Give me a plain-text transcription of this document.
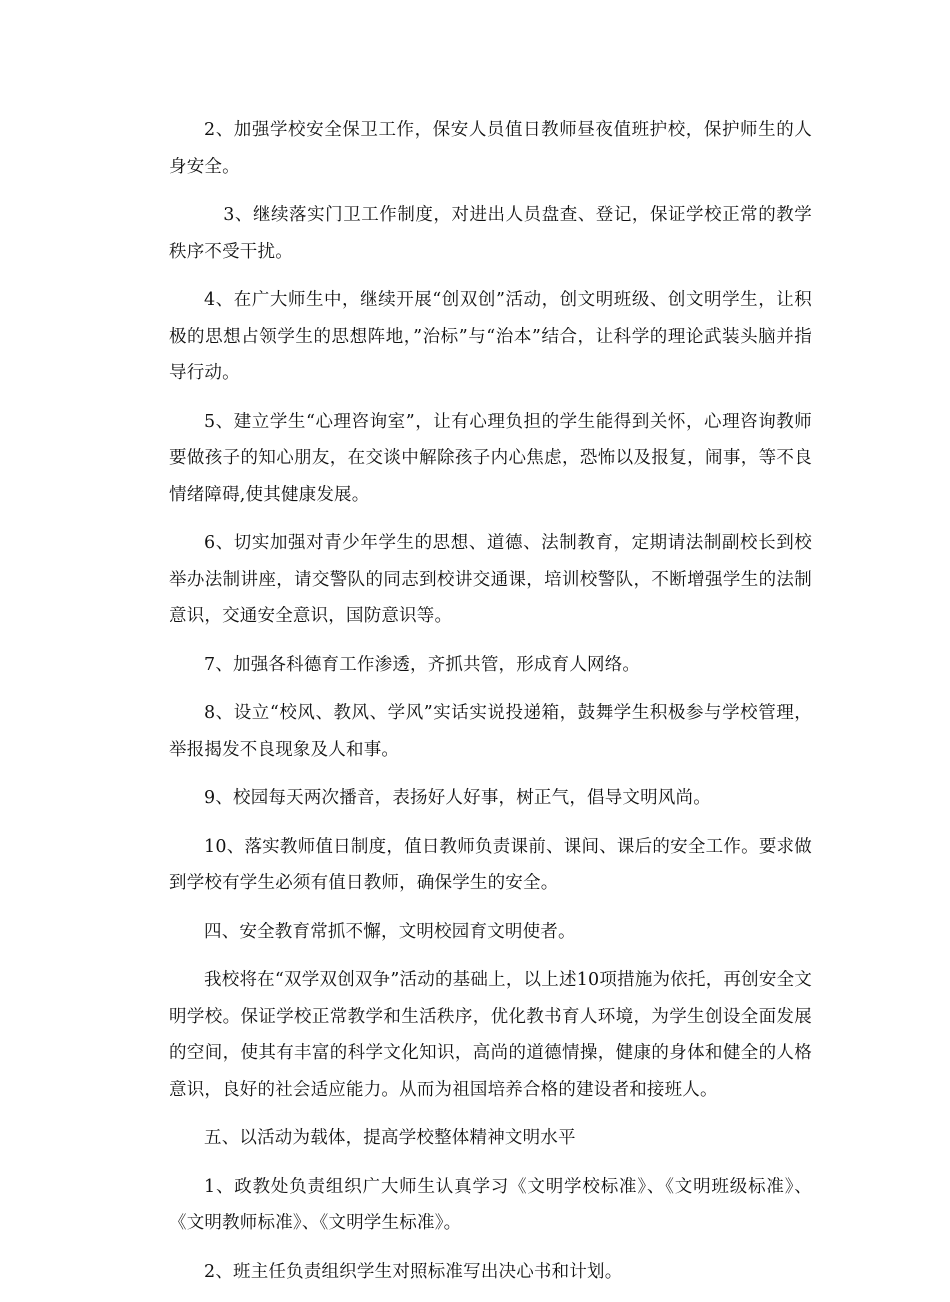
2、加强学校安全保卫工作，保安人员值日教师昼夜值班护校，保护师生的人身安全。

3、继续落实门卫工作制度，对进出人员盘查、登记，保证学校正常的教学秩序不受干扰。

4、在广大师生中，继续开展“创双创”活动，创文明班级、创文明学生，让积极的思想占领学生的思想阵地，”治标”与“治本”结合，让科学的理论武装头脑并指导行动。

5、建立学生“心理咨询室”，让有心理负担的学生能得到关怀，心理咨询教师要做孩子的知心朋友，在交谈中解除孩子内心焦虑，恐怖以及报复，闹事，等不良情绪障碍,使其健康发展。

6、切实加强对青少年学生的思想、道德、法制教育，定期请法制副校长到校举办法制讲座，请交警队的同志到校讲交通课，培训校警队，不断增强学生的法制意识，交通安全意识，国防意识等。

7、加强各科德育工作渗透，齐抓共管，形成育人网络。

8、设立“校风、教风、学风”实话实说投递箱，鼓舞学生积极参与学校管理，举报揭发不良现象及人和事。

9、校园每天两次播音，表扬好人好事，树正气，倡导文明风尚。

10、落实教师值日制度，值日教师负责课前、课间、课后的安全工作。要求做到学校有学生必须有值日教师，确保学生的安全。

四、安全教育常抓不懈，文明校园育文明使者。

我校将在“双学双创双争”活动的基础上，以上述10项措施为依托，再创安全文明学校。保证学校正常教学和生活秩序，优化教书育人环境，为学生创设全面发展的空间，使其有丰富的科学文化知识，高尚的道德情操，健康的身体和健全的人格意识，良好的社会适应能力。从而为祖国培养合格的建设者和接班人。

五、以活动为载体，提高学校整体精神文明水平

1、政教处负责组织广大师生认真学习《文明学校标准》、《文明班级标准》、《文明教师标准》、《文明学生标准》。

2、班主任负责组织学生对照标准写出决心书和计划。
